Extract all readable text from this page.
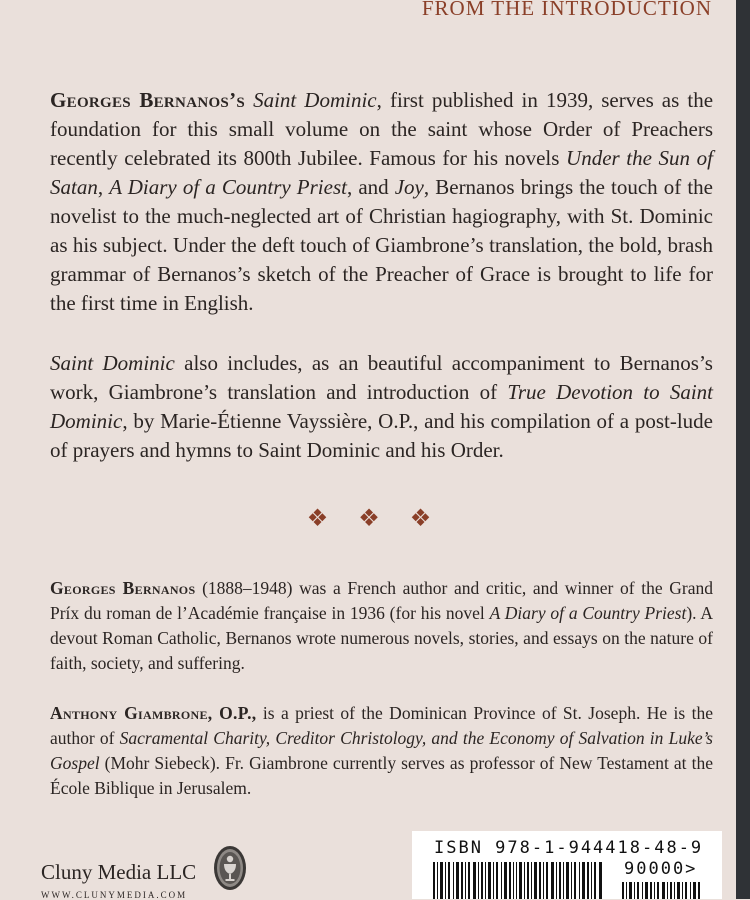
FROM THE INTRODUCTION

Georges Bernanos’s Saint Dominic, first published in 1939, serves as the foundation for this small volume on the saint whose Order of Preachers recently celebrated its 800th Jubilee. Famous for his novels Under the Sun of Satan, A Diary of a Country Priest, and Joy, Bernanos brings the touch of the novelist to the much-neglected art of Christian hagiography, with St. Dominic as his subject. Under the deft touch of Giambrone’s translation, the bold, brash grammar of Bernanos’s sketch of the Preacher of Grace is brought to life for the first time in English.

Saint Dominic also includes, as an beautiful accompaniment to Bernanos’s work, Giambrone’s translation and introduction of True Devotion to Saint Dominic, by Marie-Étienne Vayssière, O.P., and his compilation of a post-lude of prayers and hymns to Saint Dominic and his Order.

❖ ❖ ❖

Georges Bernanos (1888–1948) was a French author and critic, and winner of the Grand Príx du roman de l’Académie française in 1936 (for his novel A Diary of a Country Priest). A devout Roman Catholic, Bernanos wrote numerous novels, stories, and essays on the nature of faith, society, and suffering.

Anthony Giambrone, O.P., is a priest of the Dominican Province of St. Joseph. He is the author of Sacramental Charity, Creditor Christology, and the Economy of Salvation in Luke’s Gospel (Mohr Siebeck). Fr. Giambrone currently serves as professor of New Testament at the École Biblique in Jerusalem.

Cluny Media LLC
WWW.CLUNYMEDIA.COM
ISBN 978-1-944418-48-9
90000>
